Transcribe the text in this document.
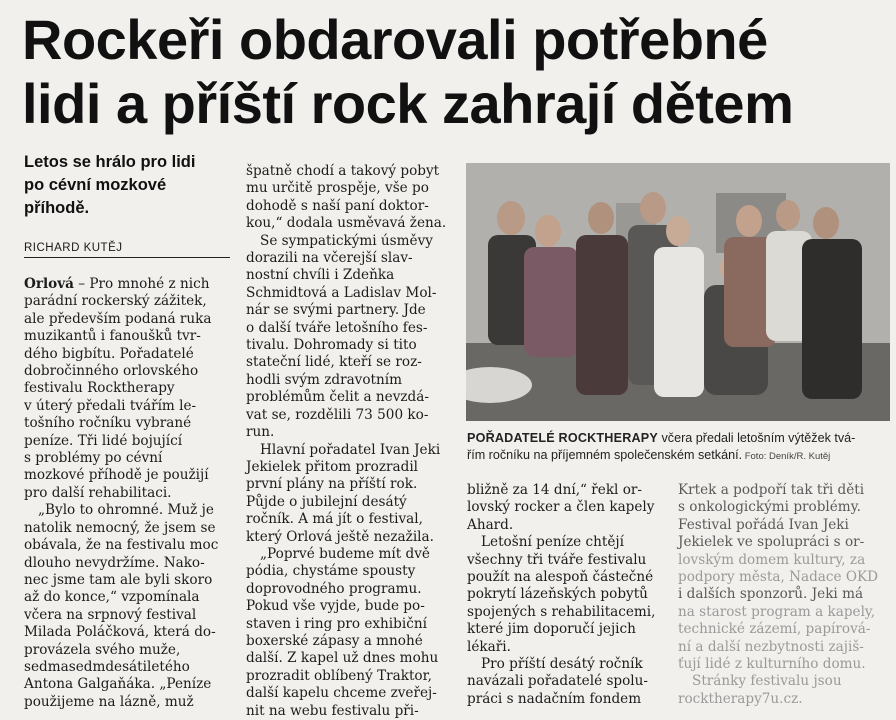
Rockeři obdarovali potřebné
lidi a příští rock zahrají dětem
Letos se hrálo pro lidi
po cévní mozkové
příhodě.
RICHARD KUTĚJ
Orlová – Pro mnohé z nich
parádní rockerský zážitek,
ale především podaná ruka
muzikantů i fanoušků tvr-
dého bigbítu. Pořadatelé
dobročinného orlovského
festivalu Rocktherapy
v úterý předali tvářím le-
tošního ročníku vybrané
peníze. Tři lidé bojující
s problémy po cévní
mozkové příhodě je použijí
pro další rehabilitaci.
„Bylo to ohromné. Muž je
natolik nemocný, že jsem se
obávala, že na festivalu moc
dlouho nevydržíme. Nako-
nec jsme tam ale byli skoro
až do konce,“ vzpomínala
včera na srpnový festival
Milada Poláčková, která do-
provázela svého muže,
sedmasedmdesátiletého
Antona Galgaňáka. „Peníze
použijeme na lázně, muž
špatně chodí a takový pobyt
mu určitě prospěje, vše po
dohodě s naší paní doktor-
kou,“ dodala usměvavá žena.
Se sympatickými úsměvy
dorazili na včerejší slav-
nostní chvíli i Zdeňka
Schmidtová a Ladislav Mol-
nár se svými partnery. Jde
o další tváře letošního fes-
tivalu. Dohromady si tito
stateční lidé, kteří se roz-
hodli svým zdravotním
problémům čelit a nevzdá-
vat se, rozdělili 73 500 ko-
run.
Hlavní pořadatel Ivan Jeki
Jekielek přitom prozradil
první plány na příští rok.
Půjde o jubilejní desátý
ročník. A má jít o festival,
který Orlová ještě nezažila.
„Poprvé budeme mít dvě
pódia, chystáme spousty
doprovodného programu.
Pokud vše vyjde, bude po-
staven i ring pro exhibiční
boxerské zápasy a mnohé
další. Z kapel už dnes mohu
prozradit oblíbený Traktor,
další kapelu chceme zveřej-
nit na webu festivalu při-
POŘADATELÉ ROCKTHERAPY včera předali letošním výtěžek tvá-
řím ročníku na příjemném společenském setkání. Foto: Deník/R. Kutěj
bližně za 14 dní,“ řekl or-
lovský rocker a člen kapely
Ahard.
Letošní peníze chtějí
všechny tři tváře festivalu
použít na alespoň částečné
pokrytí lázeňských pobytů
spojených s rehabilitacemi,
které jim doporučí jejich
lékaři.
Pro příští desátý ročník
navázali pořadatelé spolu-
práci s nadačním fondem
Krtek a podpoří tak tři děti
s onkologickými problémy.
Festival pořádá Ivan Jeki
Jekielek ve spolupráci s or-
lovským domem kultury, za
podpory města, Nadace OKD
i dalších sponzorů. Jeki má
na starost program a kapely,
technické zázemí, papírová-
ní a další nezbytnosti zajiš-
ťují lidé z kulturního domu.
Stránky festivalu jsou
rocktherapy7u.cz.
